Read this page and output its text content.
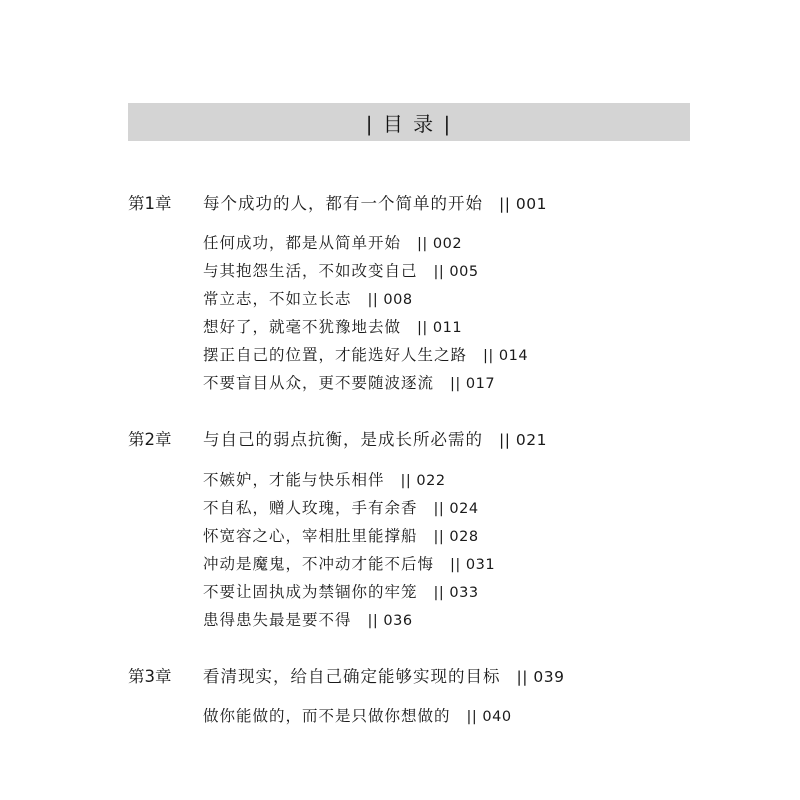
| 目 录 |
第1章	每个成功的人，都有一个简单的开始 || 001
任何成功，都是从简单开始 || 002
与其抱怨生活，不如改变自己 || 005
常立志，不如立长志 || 008
想好了，就毫不犹豫地去做 || 011
摆正自己的位置，才能选好人生之路 || 014
不要盲目从众，更不要随波逐流 || 017
第2章	与自己的弱点抗衡，是成长所必需的 || 021
不嫉妒，才能与快乐相伴 || 022
不自私，赠人玫瑰，手有余香 || 024
怀宽容之心，宰相肚里能撑船 || 028
冲动是魔鬼，不冲动才能不后悔 || 031
不要让固执成为禁锢你的牢笼 || 033
患得患失最是要不得 || 036
第3章	看清现实，给自己确定能够实现的目标 || 039
做你能做的，而不是只做你想做的 || 040
